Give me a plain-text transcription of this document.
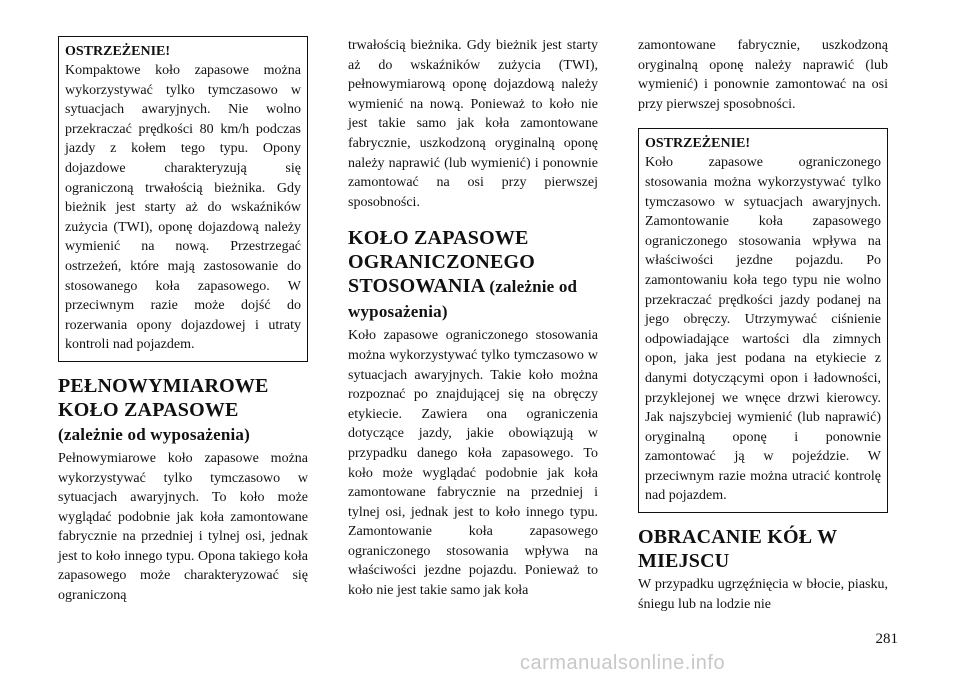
OSTRZEŻENIE!

Kompaktowe koło zapasowe można wykorzystywać tylko tymczasowo w sytuacjach awaryjnych. Nie wolno przekraczać prędkości 80 km/h podczas jazdy z kołem tego typu. Opony dojazdowe charakteryzują się ograniczoną trwałością bieżnika. Gdy bieżnik jest starty aż do wskaźników zużycia (TWI), oponę dojazdową należy wymienić na nową. Przestrzegać ostrzeżeń, które mają zastosowanie do stosowanego koła zapasowego. W przeciwnym razie może dojść do rozerwania opony dojazdowej i utraty kontroli nad pojazdem.

PEŁNOWYMIAROWE KOŁO ZAPASOWE (zależnie od wyposażenia)

Pełnowymiarowe koło zapasowe można wykorzystywać tylko tymczasowo w sytuacjach awaryjnych. To koło może wyglądać podobnie jak koła zamontowane fabrycznie na przedniej i tylnej osi, jednak jest to koło innego typu. Opona takiego koła zapasowego może charakteryzować się ograniczoną

trwałością bieżnika. Gdy bieżnik jest starty aż do wskaźników zużycia (TWI), pełnowymiarową oponę dojazdową należy wymienić na nową. Ponieważ to koło nie jest takie samo jak koła zamontowane fabrycznie, uszkodzoną oryginalną oponę należy naprawić (lub wymienić) i ponownie zamontować na osi przy pierwszej sposobności.

KOŁO ZAPASOWE OGRANICZONEGO STOSOWANIA (zależnie od wyposażenia)

Koło zapasowe ograniczonego stosowania można wykorzystywać tylko tymczasowo w sytuacjach awaryjnych. Takie koło można rozpoznać po znajdującej się na obręczy etykiecie. Zawiera ona ograniczenia dotyczące jazdy, jakie obowiązują w przypadku danego koła zapasowego. To koło może wyglądać podobnie jak koła zamontowane fabrycznie na przedniej i tylnej osi, jednak jest to koło innego typu. Zamontowanie koła zapasowego ograniczonego stosowania wpływa na właściwości jezdne pojazdu. Ponieważ to koło nie jest takie samo jak koła

zamontowane fabrycznie, uszkodzoną oryginalną oponę należy naprawić (lub wymienić) i ponownie zamontować na osi przy pierwszej sposobności.

OSTRZEŻENIE!

Koło zapasowe ograniczonego stosowania można wykorzystywać tylko tymczasowo w sytuacjach awaryjnych. Zamontowanie koła zapasowego ograniczonego stosowania wpływa na właściwości jezdne pojazdu. Po zamontowaniu koła tego typu nie wolno przekraczać prędkości jazdy podanej na jego obręczy. Utrzymywać ciśnienie odpowiadające wartości dla zimnych opon, jaka jest podana na etykiecie z danymi dotyczącymi opon i ładowności, przyklejonej we wnęce drzwi kierowcy. Jak najszybciej wymienić (lub naprawić) oryginalną oponę i ponownie zamontować ją w pojeździe. W przeciwnym razie można utracić kontrolę nad pojazdem.

OBRACANIE KÓŁ W MIEJSCU

W przypadku ugrzęźnięcia w błocie, piasku, śniegu lub na lodzie nie

281
carmanualsonline.info
